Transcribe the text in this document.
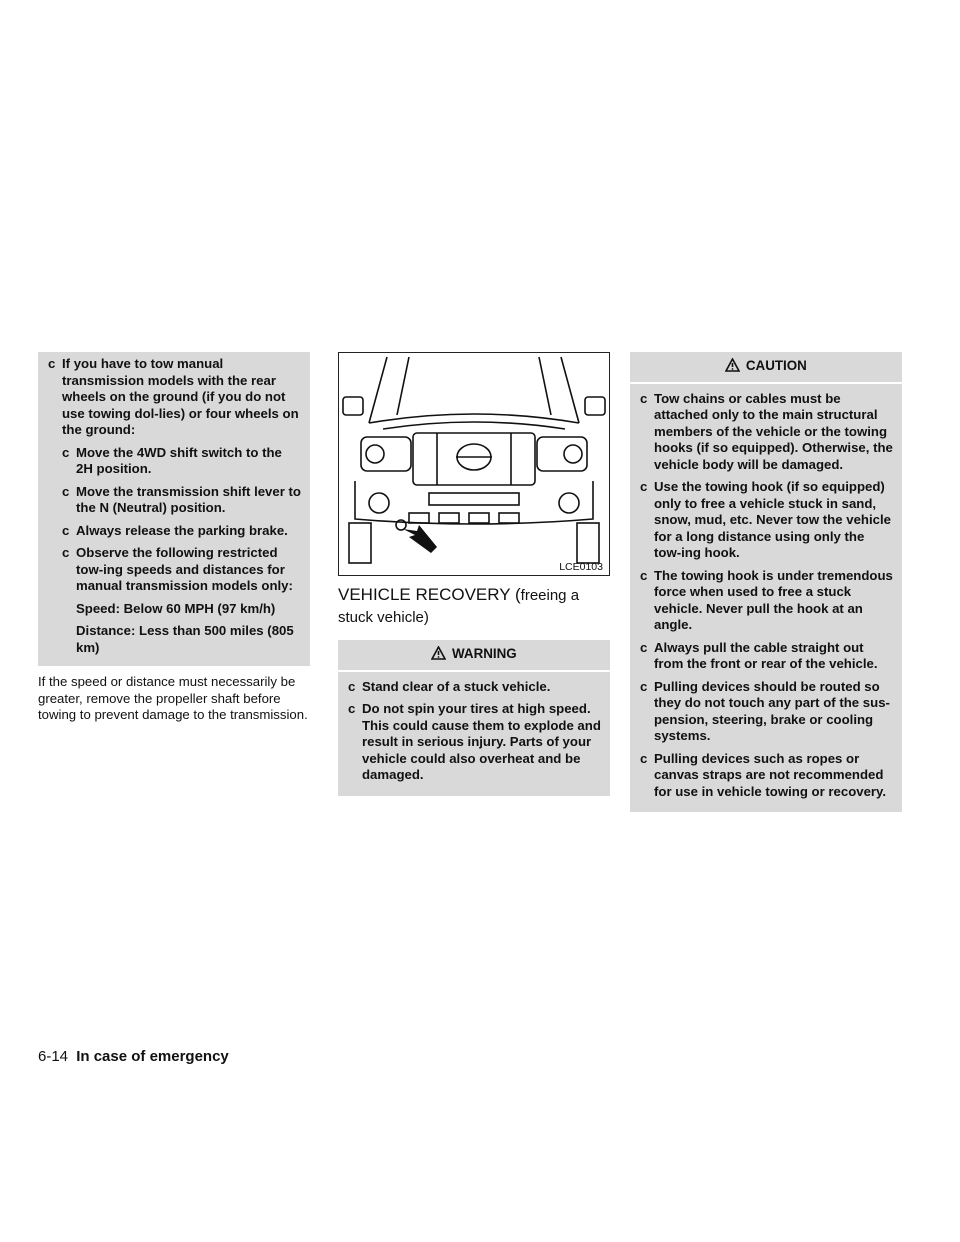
c If you have to tow manual transmission models with the rear wheels on the ground (if you do not use towing dol-lies) or four wheels on the ground:
c Move the 4WD shift switch to the 2H position.
c Move the transmission shift lever to the N (Neutral) position.
c Always release the parking brake.
c Observe the following restricted tow-ing speeds and distances for manual transmission models only:
Speed: Below 60 MPH (97 km/h)
Distance: Less than 500 miles (805 km)
If the speed or distance must necessarily be greater, remove the propeller shaft before towing to prevent damage to the transmission.
LCE0103
VEHICLE RECOVERY (freeing a stuck vehicle)
WARNING
c Stand clear of a stuck vehicle.
c Do not spin your tires at high speed. This could cause them to explode and result in serious injury. Parts of your vehicle could also overheat and be damaged.
CAUTION
c Tow chains or cables must be attached only to the main structural members of the vehicle or the towing hooks (if so equipped). Otherwise, the vehicle body will be damaged.
c Use the towing hook (if so equipped) only to free a vehicle stuck in sand, snow, mud, etc. Never tow the vehicle for a long distance using only the tow-ing hook.
c The towing hook is under tremendous force when used to free a stuck vehicle. Never pull the hook at an angle.
c Always pull the cable straight out from the front or rear of the vehicle.
c Pulling devices should be routed so they do not touch any part of the sus-pension, steering, brake or cooling systems.
c Pulling devices such as ropes or canvas straps are not recommended for use in vehicle towing or recovery.
6-14 In case of emergency
